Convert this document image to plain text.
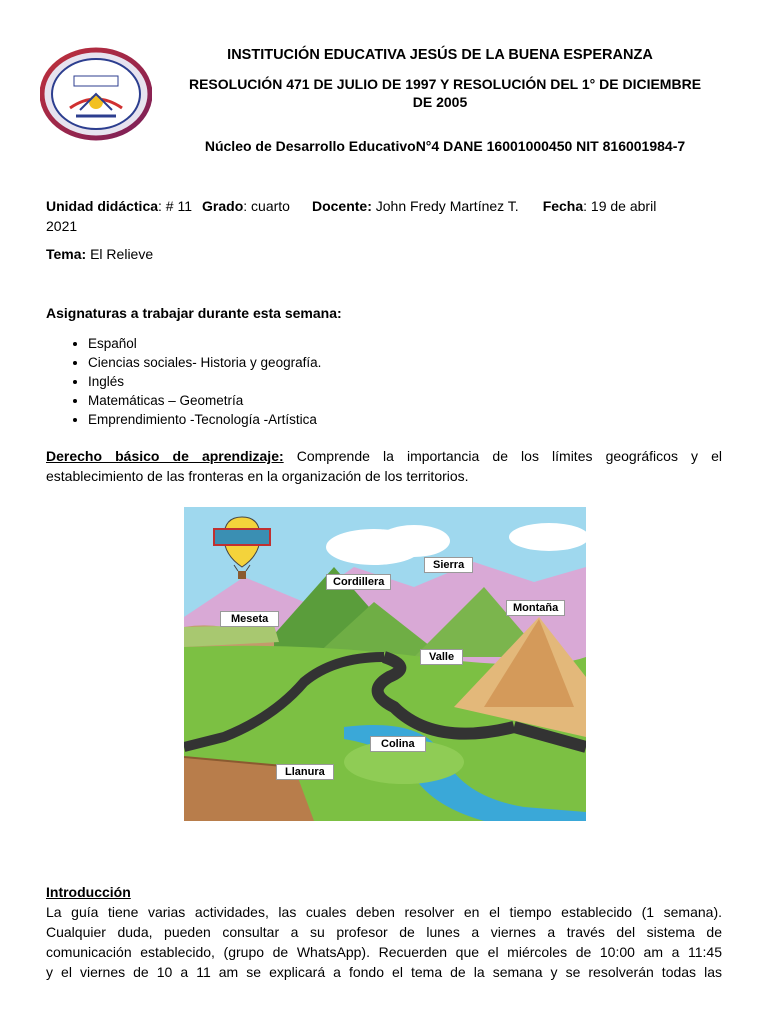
INSTITUCIÓN EDUCATIVA JESÚS DE LA BUENA ESPERANZA
RESOLUCIÓN 471 DE JULIO DE 1997 Y RESOLUCIÓN DEL 1° DE DICIEMBRE
DE 2005
Núcleo de Desarrollo EducativoN°4 DANE 16001000450 NIT 816001984-7
Unidad didáctica: # 11 Grado: cuarto Docente: John Fredy Martínez T. Fecha: 19 de abril
2021
Tema: El Relieve
Asignaturas a trabajar durante esta semana:
• Español
• Ciencias sociales- Historia y geografía.
• Inglés
• Matemáticas – Geometría
• Emprendimiento -Tecnología -Artística
Derecho básico de aprendizaje: Comprende la importancia de los límites geográficos y el
establecimiento de las fronteras en la organización de los territorios.
Sierra
Cordillera
Montaña
Meseta
Valle
Colina
Llanura
Introducción
La guía tiene varias actividades, las cuales deben resolver en el tiempo establecido (1 semana).
Cualquier duda, pueden consultar a su profesor de lunes a viernes a través del sistema de
comunicación establecido, (grupo de WhatsApp). Recuerden que el miércoles de 10:00 am a 11:45
y el viernes de 10 a 11 am se explicará a fondo el tema de la semana y se resolverán todas las
